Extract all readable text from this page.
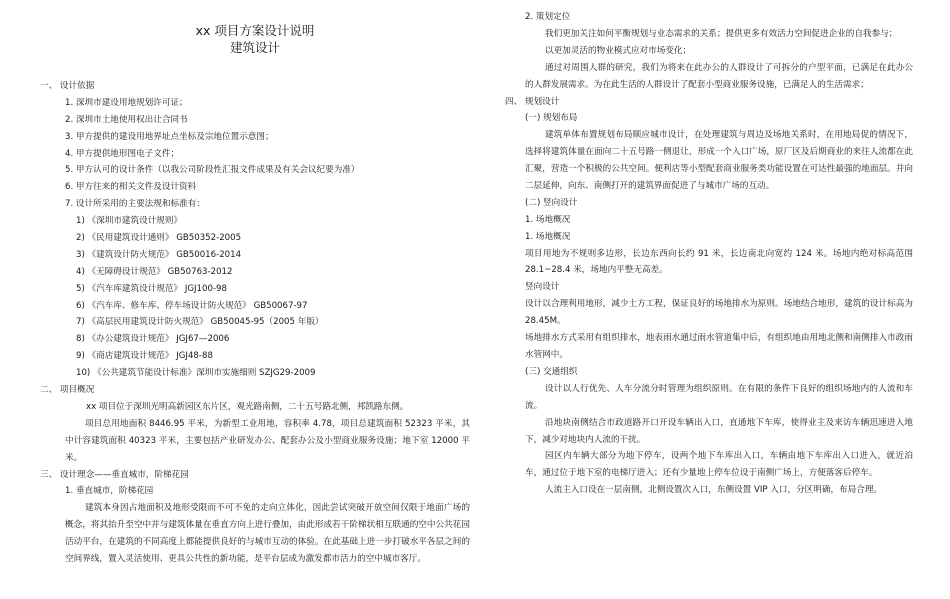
xx 项目方案设计说明
建筑设计
一、 设计依据
1. 深圳市建设用地规划许可证；
2. 深圳市土地使用权出让合同书
3. 甲方提供的建设用地界址点坐标及宗地位置示意图；
4. 甲方提供地形图电子文件；
5. 甲方认可的设计条件（以我公司阶段性汇报文件成果及有关会议纪要为准）
6. 甲方往来的相关文件及设计资料
7. 设计所采用的主要法规和标准有：
1) 《深圳市建筑设计规则》
2) 《民用建筑设计通则》 GB50352-2005
3) 《建筑设计防火规范》 GB50016-2014
4) 《无障碍设计规范》 GB50763-2012
5) 《汽车库建筑设计规范》 JGJ100-98
6) 《汽车库、修车库、停车场设计防火规范》 GB50067-97
7) 《高层民用建筑设计防火规范》 GB50045-95（2005 年版）
8) 《办公建筑设计规范》 JGJ67—2006
9) 《商店建筑设计规范》 JGJ48-88
10) 《公共建筑节能设计标准》深圳市实施细则 SZJG29-2009
二、 项目概况
xx 项目位于深圳光明高新园区东片区，观光路南侧，二十五号路北侧，邦凯路东侧。
项目总用地面积 8446.95 平米，为新型工业用地，容积率 4.78，项目总建筑面积 52323 平米，其中计容建筑面积 40323 平米，主要包括产业研发办公、配套办公及小型商业服务设施；地下室 12000 平米。
三、 设计理念——垂直城市，阶梯花园
1. 垂直城市，阶梯花园
建筑本身因占地面积及地形受限而不可不免的走向立体化，因此尝试突破开放空间仅限于地面广场的概念，将其抬升至空中并与建筑体量在垂直方向上进行叠加，由此形成若干阶梯状相互联通的空中公共花园活动平台，在建筑的不同高度上都能提供良好的与城市互动的体验。在此基础上进一步打破水平各层之间的空间界线，置入灵活使用、更具公共性的新功能，是平台层成为激发都市活力的空中城市客厅。
2. 策划定位
我们更加关注如何平衡规划与业态需求的关系；提供更多有效活力空间促进企业的自我参与；
以更加灵活的物业模式应对市场变化；
通过对周围人群的研究，我们为将来在此办公的人群设计了可拆分的户型平面，已满足在此办公的人群发展需求。为在此生活的人群设计了配套小型商业服务设施，已满足人的生活需求；
四、 规划设计
(一) 规划布局
建筑单体布置规划布局顺应城市设计，在处理建筑与周边及场地关系时，在用地局促的情况下，选择将建筑体量在面向二十五号路一侧退让，形成一个入口广场，原厂区及后期商业的来往人流都在此汇聚，营造一个积极的公共空间。便利店等小型配套商业服务类功能设置在可达性最强的地面层。并向二层延伸，向东、南侧打开的建筑界面促进了与城市广场的互动。
(二) 竖向设计
1. 场地概况
1. 场地概况
项目用地为不规则多边形，长边东西向长约 91 米，长边南北向宽约 124 米。场地内绝对标高范围 28.1~28.4 米，场地内平整无高差。
竖向设计
设计以合理利用地形，减少土方工程，保证良好的场地排水为原则。场地结合地形，建筑的设计标高为 28.45M。
场地排水方式采用有组织排水，地表雨水通过雨水管道集中后，有组织地由用地北侧和南侧排入市政雨水管网中。
(三) 交通组织
设计以人行优先、人车分流分时管理为组织原则。在有限的条件下良好的组织场地内的人流和车流。
沿地块南侧结合市政道路开口开设车辆出入口，直通地下车库，使得业主及来访车辆迅速进入地下，减少对地块内人流的干扰。
园区内车辆大部分为地下停车，设两个地下车库出入口，车辆由地下车库出入口进入，就近泊车，通过位于地下室的电梯厅进入；还有少量地上停车位设于南侧广场上，方便落客后停车。
人流主入口设在一层南侧，北侧设置次入口，东侧设置 VIP 入口，分区明确，布局合理。
